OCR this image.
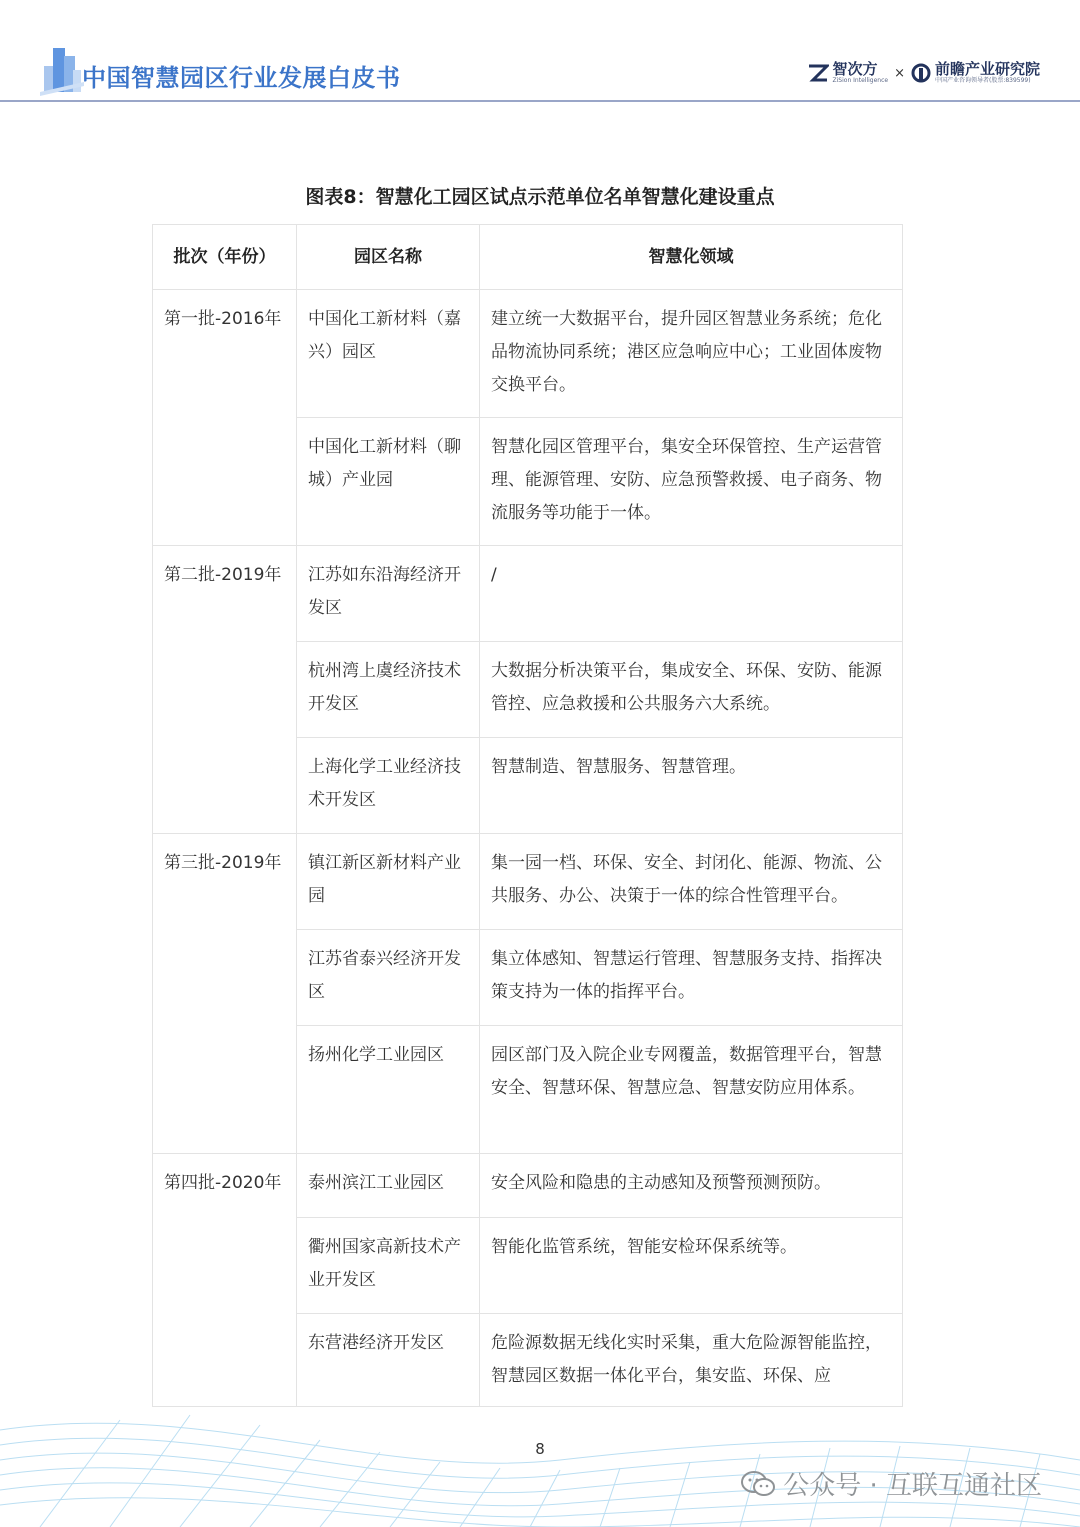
中国智慧园区行业发展白皮书	智次方
ZiSion Intelligence × 前瞻产业研究院
中国产业咨询领导者(股票:839599)
图表8：智慧化工园区试点示范单位名单智慧化建设重点
批次（年份）	园区名称	智慧化领域
第一批-2016年	中国化工新材料（嘉兴）园区	建立统一大数据平台，提升园区智慧业务系统；危化品物流协同系统；港区应急响应中心；工业固体废物交换平台。
	中国化工新材料（聊城）产业园	智慧化园区管理平台，集安全环保管控、生产运营管理、能源管理、安防、应急预警救援、电子商务、物流服务等功能于一体。
第二批-2019年	江苏如东沿海经济开发区	/
	杭州湾上虞经济技术开发区	大数据分析决策平台，集成安全、环保、安防、能源管控、应急救援和公共服务六大系统。
	上海化学工业经济技术开发区	智慧制造、智慧服务、智慧管理。
第三批-2019年	镇江新区新材料产业园	集一园一档、环保、安全、封闭化、能源、物流、公共服务、办公、决策于一体的综合性管理平台。
	江苏省泰兴经济开发区	集立体感知、智慧运行管理、智慧服务支持、指挥决策支持为一体的指挥平台。
	扬州化学工业园区	园区部门及入院企业专网覆盖，数据管理平台，智慧安全、智慧环保、智慧应急、智慧安防应用体系。
第四批-2020年	泰州滨江工业园区	安全风险和隐患的主动感知及预警预测预防。
	衢州国家高新技术产业开发区	智能化监管系统，智能安检环保系统等。
	东营港经济开发区	危险源数据无线化实时采集，重大危险源智能监控，智慧园区数据一体化平台，集安监、环保、应
8
公众号 · 互联互通社区
